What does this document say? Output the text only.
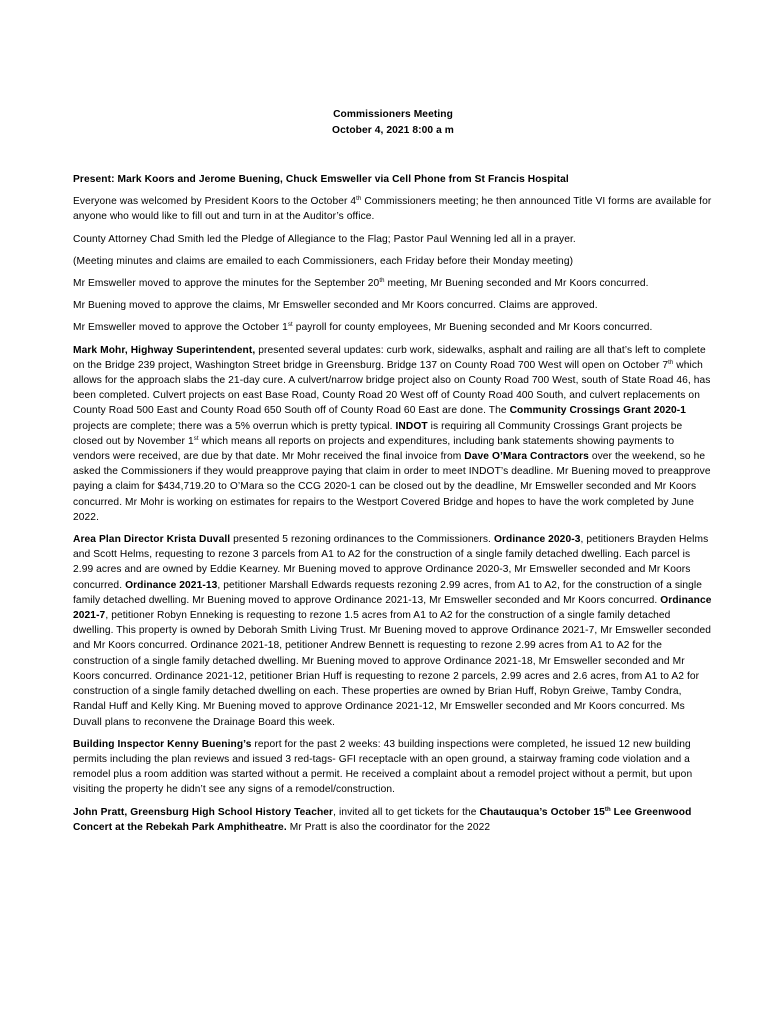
Commissioners Meeting
October 4, 2021 8:00 a m

Present: Mark Koors and Jerome Buening, Chuck Emsweller via Cell Phone from St Francis Hospital

Everyone was welcomed by President Koors to the October 4th Commissioners meeting; he then announced Title VI forms are available for anyone who would like to fill out and turn in at the Auditor’s office.

County Attorney Chad Smith led the Pledge of Allegiance to the Flag; Pastor Paul Wenning led all in a prayer.

(Meeting minutes and claims are emailed to each Commissioners, each Friday before their Monday meeting)

Mr Emsweller moved to approve the minutes for the September 20th meeting, Mr Buening seconded and Mr Koors concurred.

Mr Buening moved to approve the claims, Mr Emsweller seconded and Mr Koors concurred. Claims are approved.

Mr Emsweller moved to approve the October 1st payroll for county employees, Mr Buening seconded and Mr Koors concurred.

Mark Mohr, Highway Superintendent, presented several updates: curb work, sidewalks, asphalt and railing are all that’s left to complete on the Bridge 239 project, Washington Street bridge in Greensburg. Bridge 137 on County Road 700 West will open on October 7th which allows for the approach slabs the 21-day cure. A culvert/narrow bridge project also on County Road 700 West, south of State Road 46, has been completed. Culvert projects on east Base Road, County Road 20 West off of County Road 400 South, and culvert replacements on County Road 500 East and County Road 650 South off of County Road 60 East are done. The Community Crossings Grant 2020-1 projects are complete; there was a 5% overrun which is pretty typical. INDOT is requiring all Community Crossings Grant projects be closed out by November 1st which means all reports on projects and expenditures, including bank statements showing payments to vendors were received, are due by that date. Mr Mohr received the final invoice from Dave O’Mara Contractors over the weekend, so he asked the Commissioners if they would preapprove paying that claim in order to meet INDOT’s deadline. Mr Buening moved to preapprove paying a claim for $434,719.20 to O’Mara so the CCG 2020-1 can be closed out by the deadline, Mr Emsweller seconded and Mr Koors concurred. Mr Mohr is working on estimates for repairs to the Westport Covered Bridge and hopes to have the work completed by June 2022.

Area Plan Director Krista Duvall presented 5 rezoning ordinances to the Commissioners. Ordinance 2020-3, petitioners Brayden Helms and Scott Helms, requesting to rezone 3 parcels from A1 to A2 for the construction of a single family detached dwelling. Each parcel is 2.99 acres and are owned by Eddie Kearney. Mr Buening moved to approve Ordinance 2020-3, Mr Emsweller seconded and Mr Koors concurred. Ordinance 2021-13, petitioner Marshall Edwards requests rezoning 2.99 acres, from A1 to A2, for the construction of a single family detached dwelling. Mr Buening moved to approve Ordinance 2021-13, Mr Emsweller seconded and Mr Koors concurred. Ordinance 2021-7, petitioner Robyn Enneking is requesting to rezone 1.5 acres from A1 to A2 for the construction of a single family detached dwelling. This property is owned by Deborah Smith Living Trust. Mr Buening moved to approve Ordinance 2021-7, Mr Emsweller seconded and Mr Koors concurred. Ordinance 2021-18, petitioner Andrew Bennett is requesting to rezone 2.99 acres from A1 to A2 for the construction of a single family detached dwelling. Mr Buening moved to approve Ordinance 2021-18, Mr Emsweller seconded and Mr Koors concurred. Ordinance 2021-12, petitioner Brian Huff is requesting to rezone 2 parcels, 2.99 acres and 2.6 acres, from A1 to A2 for construction of a single family detached dwelling on each. These properties are owned by Brian Huff, Robyn Greiwe, Tamby Condra, Randal Huff and Kelly King. Mr Buening moved to approve Ordinance 2021-12, Mr Emsweller seconded and Mr Koors concurred. Ms Duvall plans to reconvene the Drainage Board this week.

Building Inspector Kenny Buening’s report for the past 2 weeks: 43 building inspections were completed, he issued 12 new building permits including the plan reviews and issued 3 red-tags- GFI receptacle with an open ground, a stairway framing code violation and a remodel plus a room addition was started without a permit. He received a complaint about a remodel project without a permit, but upon visiting the property he didn’t see any signs of a remodel/construction.

John Pratt, Greensburg High School History Teacher, invited all to get tickets for the Chautauqua’s October 15th Lee Greenwood Concert at the Rebekah Park Amphitheatre. Mr Pratt is also the coordinator for the 2022
